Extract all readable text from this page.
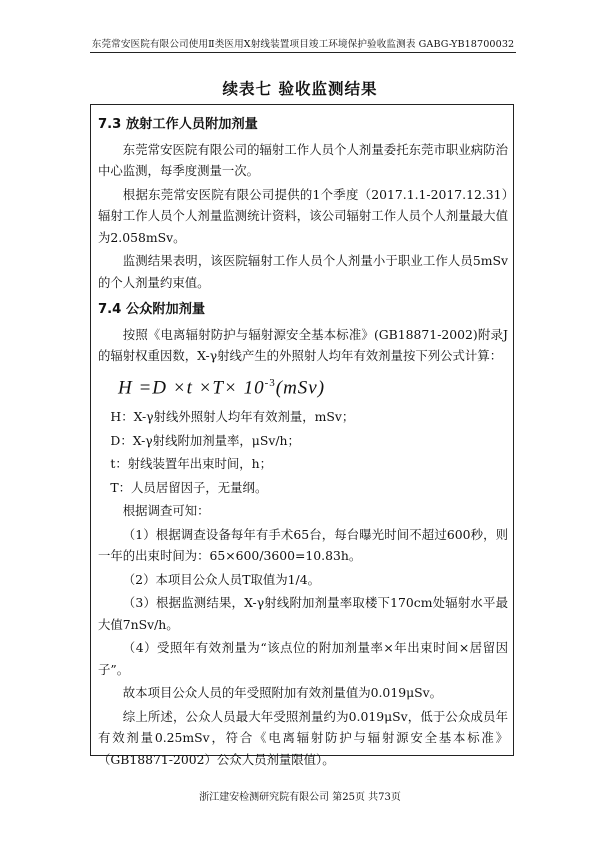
东莞常安医院有限公司使用Ⅱ类医用X射线装置项目竣工环境保护验收监测表 GABG-YB18700032
续表七 验收监测结果
7.3 放射工作人员附加剂量

东莞常安医院有限公司的辐射工作人员个人剂量委托东莞市职业病防治中心监测，每季度测量一次。

根据东莞常安医院有限公司提供的1个季度（2017.1.1-2017.12.31）辐射工作人员个人剂量监测统计资料，该公司辐射工作人员个人剂量最大值为2.058mSv。

监测结果表明，该医院辐射工作人员个人剂量小于职业工作人员5mSv的个人剂量约束值。

7.4 公众附加剂量

按照《电离辐射防护与辐射源安全基本标准》(GB18871-2002)附录J的辐射权重因数，X-γ射线产生的外照射人均年有效剂量按下列公式计算：

$H =D \times t \times T\times 10^{-3}(mSv)$

H：X-γ射线外照射人均年有效剂量，mSv；

D：X-γ射线附加剂量率，μSv/h；

t：射线装置年出束时间，h；

T：人员居留因子，无量纲。

根据调查可知：

（1）根据调查设备每年有手术65台，每台曝光时间不超过600秒，则一年的出束时间为：65×600/3600=10.83h。

（2）本项目公众人员T取值为1/4。

（3）根据监测结果，X-γ射线附加剂量率取楼下170cm处辐射水平最大值7nSv/h。

（4）受照年有效剂量为“该点位的附加剂量率×年出束时间×居留因子”。

故本项目公众人员的年受照附加有效剂量值为0.019μSv。

综上所述，公众人员最大年受照剂量约为0.019μSv，低于公众成员年有效剂量0.25mSv，符合《电离辐射防护与辐射源安全基本标准》（GB18871-2002）公众人员剂量限值）。

浙江建安检测研究院有限公司 第25页 共73页
